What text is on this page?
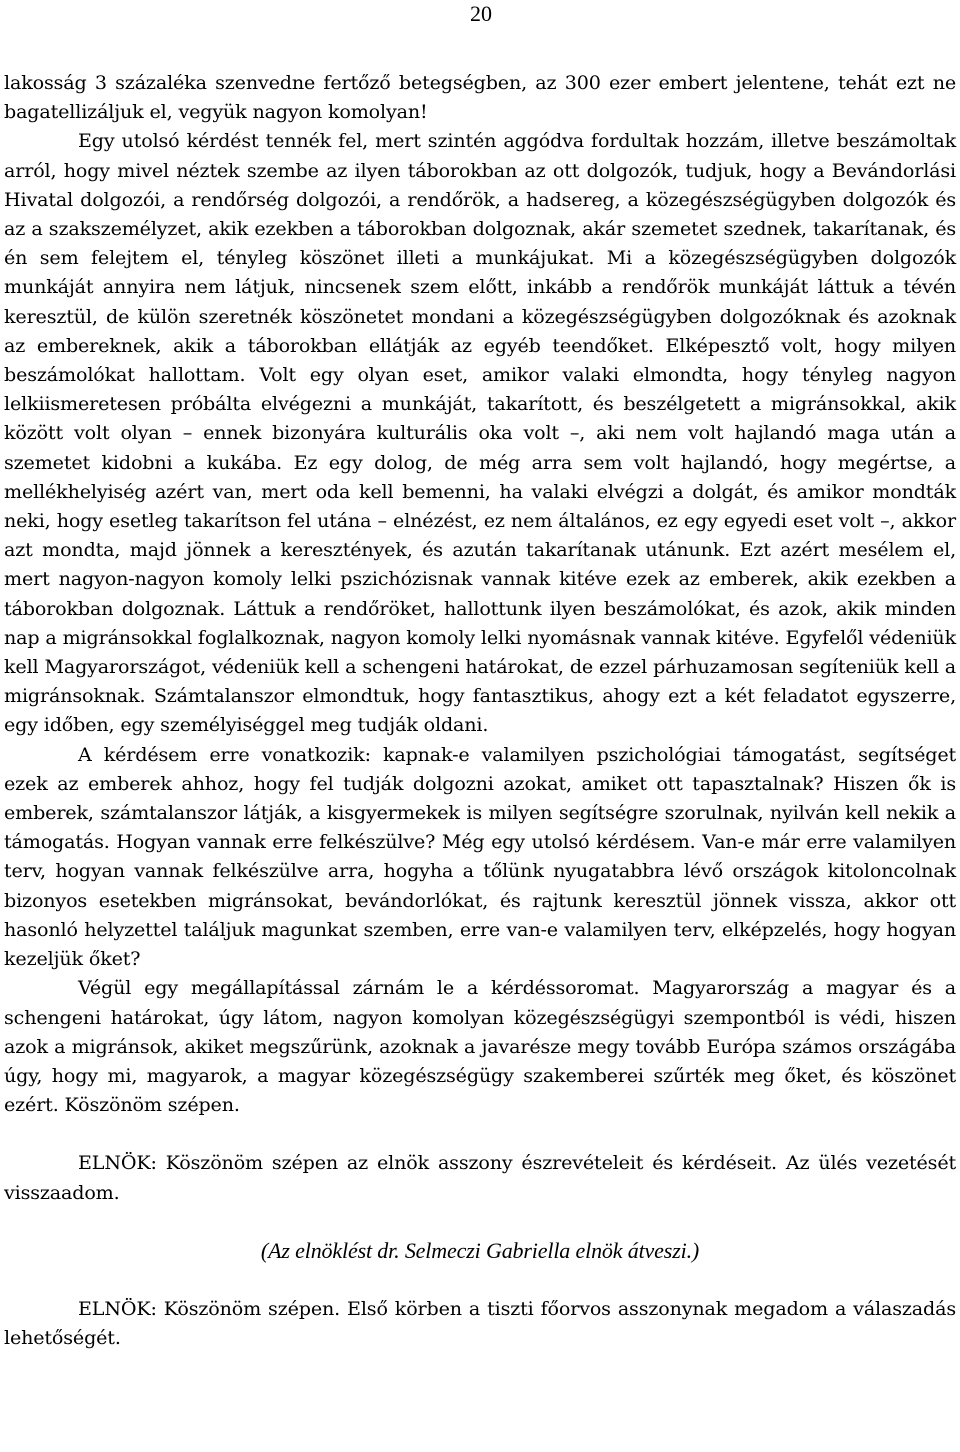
20

lakosság 3 százaléka szenvedne fertőző betegségben, az 300 ezer embert jelentene, tehát ezt ne bagatellizáljuk el, vegyük nagyon komolyan!

Egy utolsó kérdést tennék fel, mert szintén aggódva fordultak hozzám, illetve beszámoltak arról, hogy mivel néztek szembe az ilyen táborokban az ott dolgozók, tudjuk, hogy a Bevándorlási Hivatal dolgozói, a rendőrség dolgozói, a rendőrök, a hadsereg, a közegészségügyben dolgozók és az a szakszemélyzet, akik ezekben a táborokban dolgoznak, akár szemetet szednek, takarítanak, és én sem felejtem el, tényleg köszönet illeti a munkájukat. Mi a közegészségügyben dolgozók munkáját annyira nem látjuk, nincsenek szem előtt, inkább a rendőrök munkáját láttuk a tévén keresztül, de külön szeretnék köszönetet mondani a közegészségügyben dolgozóknak és azoknak az embereknek, akik a táborokban ellátják az egyéb teendőket. Elképesztő volt, hogy milyen beszámolókat hallottam. Volt egy olyan eset, amikor valaki elmondta, hogy tényleg nagyon lelkiismeretesen próbálta elvégezni a munkáját, takarított, és beszélgetett a migránsokkal, akik között volt olyan – ennek bizonyára kulturális oka volt –, aki nem volt hajlandó maga után a szemetet kidobni a kukába. Ez egy dolog, de még arra sem volt hajlandó, hogy megértse, a mellékhelyiség azért van, mert oda kell bemenni, ha valaki elvégzi a dolgát, és amikor mondták neki, hogy esetleg takarítson fel utána – elnézést, ez nem általános, ez egy egyedi eset volt –, akkor azt mondta, majd jönnek a keresztények, és azután takarítanak utánunk. Ezt azért mesélem el, mert nagyon-nagyon komoly lelki pszichózisnak vannak kitéve ezek az emberek, akik ezekben a táborokban dolgoznak. Láttuk a rendőröket, hallottunk ilyen beszámolókat, és azok, akik minden nap a migránsokkal foglalkoznak, nagyon komoly lelki nyomásnak vannak kitéve. Egyfelől védeniük kell Magyarországot, védeniük kell a schengeni határokat, de ezzel párhuzamosan segíteniük kell a migránsoknak. Számtalanszor elmondtuk, hogy fantasztikus, ahogy ezt a két feladatot egyszerre, egy időben, egy személyiséggel meg tudják oldani.

A kérdésem erre vonatkozik: kapnak-e valamilyen pszichológiai támogatást, segítséget ezek az emberek ahhoz, hogy fel tudják dolgozni azokat, amiket ott tapasztalnak? Hiszen ők is emberek, számtalanszor látják, a kisgyermekek is milyen segítségre szorulnak, nyilván kell nekik a támogatás. Hogyan vannak erre felkészülve? Még egy utolsó kérdésem. Van-e már erre valamilyen terv, hogyan vannak felkészülve arra, hogyha a tőlünk nyugatabbra lévő országok kitoloncolnak bizonyos esetekben migránsokat, bevándorlókat, és rajtunk keresztül jönnek vissza, akkor ott hasonló helyzettel találjuk magunkat szemben, erre van-e valamilyen terv, elképzelés, hogy hogyan kezeljük őket?

Végül egy megállapítással zárnám le a kérdéssoromat. Magyarország a magyar és a schengeni határokat, úgy látom, nagyon komolyan közegészségügyi szempontból is védi, hiszen azok a migránsok, akiket megszűrünk, azoknak a javarésze megy tovább Európa számos országába úgy, hogy mi, magyarok, a magyar közegészségügy szakemberei szűrték meg őket, és köszönet ezért. Köszönöm szépen.

ELNÖK: Köszönöm szépen az elnök asszony észrevételeit és kérdéseit. Az ülés vezetését visszaadom.

(Az elnöklést dr. Selmeczi Gabriella elnök átveszi.)

ELNÖK: Köszönöm szépen. Első körben a tiszti főorvos asszonynak megadom a válaszadás lehetőségét.
